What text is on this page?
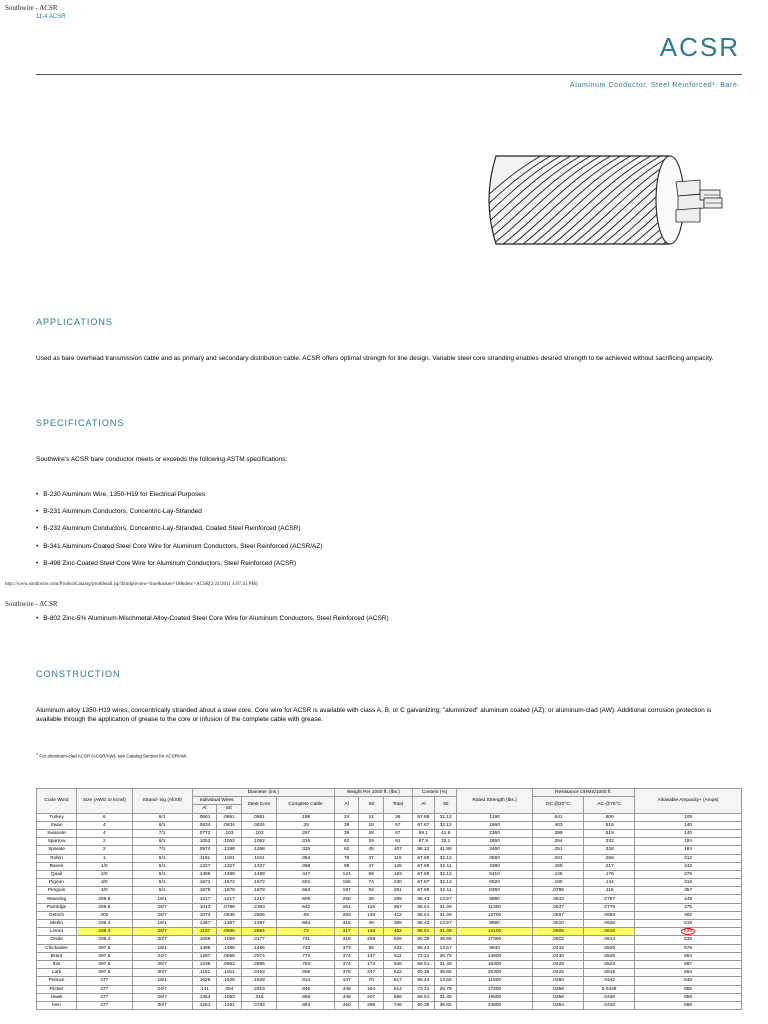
Southwire - ACSR
11-4 ACSR
ACSR
Aluminum Conductor. Steel Reinforced¹. Bare.
APPLICATIONS
Used as bare overhead transmission cable and as primary and secondary distribution cable. ACSR offers optimal strength for line design. Variable steel core stranding enables desired strength to be achieved without sacrificing ampacity.
SPECIFICATIONS
Southwire's ACSR bare conductor meets or exceeds the following ASTM specifications:
• B-230 Aluminum Wire, 1350-H19 for Electrical Purposes
• B-231 Aluminum Conductors, Concentric-Lay-Stranded
• B-232 Aluminum Conductors, Concentric-Lay-Stranded, Coated Steel Reinforced (ACSR)
• B-341 Aluminum-Coated Steel Core Wire for Aluminum Conductors, Steel Reinforced (ACSR/AZ)
• B-498 Zinc-Coated Steel Core Wire for Aluminum Conductors, Steel Reinforced (ACSR)
http://www.southwire.com/ProductCatalog/proddetail.jsp?htmlpreview=true&token=18&desc=ACSR[2/24/2011 4:07:41 PM]
Southwire - ACSR
• B-802 Zinc-5% Aluminum-Mischmetal Alloy-Coated Steel Core Wire for Aluminum Conductors, Steel Reinforced (ACSR)
CONSTRUCTION
Aluminum alloy 1350-H19 wires, concentrically stranded about a steel core. Core wire for ACSR is available with class A, B, or C galvanizing; "aluminized" aluminum coated (AZ); or aluminum-clad (AW). Additional corrosion protection is available through the application of grease to the core or infusion of the complete cable with grease.
$^1$ For aluminum-clad ACSR (ACSR/AW), see Catalog Section for ACSR/AW.
Code Word	Size (AWG or kcmil)	Strand- ing (Al/Stl)	Diameter (ins.)				Weight Per 1000 ft. (lbs.)			Content (%)		Rated Strength (lbs.)	Resistance OHMS/1000 ft.		Allowable Ampacity+ (Amps)
			Individual Wires		Steel Core	Complete Cable	Al	Stl	Total	Al	Stl		DC @20°C	AC @75°C	
			Al	Stl											
Turkey	6	6/1	.0661	.0661	.0661	.198	24	12	36	67.88	32.12	1190	.641	.806	105
Swan	4	6/1	.0834	.0834	.0834	.25	39	18	57	67.87	32.12	1860	.403	.515	140
Swanate	4	7/1	.0772	.103	.103	.257	39	28	67	58.1	41.9	2360	.399	.519	140
Sparrow	2	6/1	.1052	.1052	.1052	.316	62	29	91	67.9	32.1	2850	.254	.332	184
Sparate	2	7/1	.0974	.1298	.1298	.325	62	45	107	58.12	41.88	3460	.251	.338	184
Robin	1	6/1	.1181	.1181	.1181	.354	78	37	115	67.88	32.12	3550	.201	.268	212
Raven	1/0	6/1	.1327	.1327	.1327	.398	99	47	145	67.89	32.11	4380	.159	.217	242
Quail	2/0	6/1	.1489	.1489	.1489	.447	124	59	183	67.88	32.12	5310	.126	.176	276
Pigeon	3/0	6/1	.1672	.1672	.1672	.502	156	74	230	67.87	32.13	6620	.100	.144	315
Penguin	4/0	6/1	.1878	.1878	.1878	.563	197	93	291	67.89	32.11	8350	.0795	.118	357
Waxwing	266.8	18/1	.1217	.1217	.1217	.609	250	39	289	86.43	13.57	6880	.0643	.0787	449
Partridge	266.8	26/7	.1013	.0788	.2363	.642	251	115	367	68.51	31.49	11300	.0637	.0779	475
Ostrich	300	26/7	.1074	.0835	.2506	.68	283	130	412	68.51	31.49	12700	.0567	.0693	492
Merlin	336.4	18/1	.1367	.1367	.1367	.684	315	49	365	86.42	13.57	8680	.0510	.0625	519
Linnet	336.4	26/7	.1137	.0885	.2654	.72	317	146	462	68.51	31.49	14100	.0505	.0618	529
Oriole	336.4	30/7	.1059	.1059	.3177	.741	318	209	526	60.35	39.65	17300	.0502	.0613	535
Chickadee	397.5	18/1	.1486	.1486	.1486	.743	373	58	431	86.43	13.57	9940	.0432	.0529	576
Brant	397.5	24/7	.1287	.0858	.2574	.772	374	137	511	73.21	26.79	14600	.0430	.0526	584
Ibis	397.5	26/7	.1236	.0962	.2885	.783	374	172	546	68.51	31.49	16300	.0428	.0523	587
Lark	397.5	30/7	.1151	.1151	.3453	.806	375	247	622	60.35	39.65	20300	.0425	.0519	594
Pelican	477	18/1	.1628	.1628	.1628	.814	447	70	517	86.44	13.56	11800	.0360	.0442	646
Flicker	477	24/7	.141	.094	.2819	.846	449	164	614	73.21	26.79	17200	.0358	0.0439	655
Hawk	477	26/7	.1354	.1053	.316	.858	449	207	656	68.51	31.49	19500	.0356	.0436	659
Hen	477	30/7	.1261	.1261	.3783	.883	450	296	746	60.35	39.65	23800	.0354	.0433	666
